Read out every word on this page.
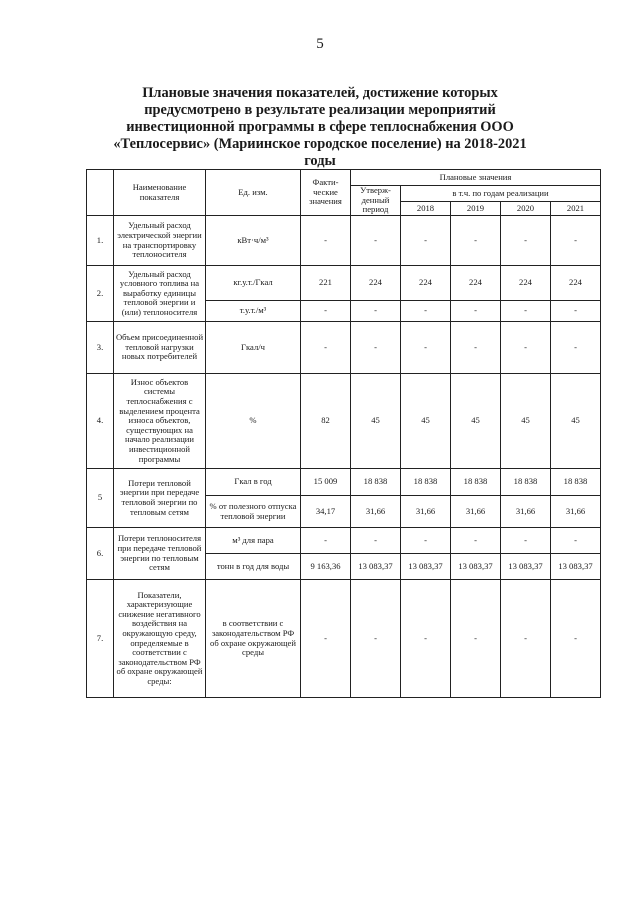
5
Плановые значения показателей, достижение которых предусмотрено в результате реализации мероприятий инвестиционной программы в сфере теплоснабжения ООО «Теплосервис» (Мариинское городское поселение) на 2018-2021 годы
	Наименование показателя	Ед. изм.	Факти-ческие значения	Плановые значения				
				Утверж-денный период	в т.ч. по годам реализации			
					2018	2019	2020	2021
1.	Удельный расход электрической энергии на транспортировку теплоносителя	кВт·ч/м³	-	-	-	-	-	-
2.	Удельный расход условного топлива на выработку единицы тепловой энергии и (или) теплоносителя	кг.у.т./Гкал	221	224	224	224	224	224
		т.у.т./м³	-	-	-	-	-	-
3.	Объем присоединенной тепловой нагрузки новых потребителей	Гкал/ч	-	-	-	-	-	-
4.	Износ объектов системы теплоснабжения с выделением процента износа объектов, существующих на начало реализации инвестиционной программы	%	82	45	45	45	45	45
5	Потери тепловой энергии при передаче тепловой энергии по тепловым сетям	Гкал в год	15 009	18 838	18 838	18 838	18 838	18 838
		% от полезного отпуска тепловой энергии	34,17	31,66	31,66	31,66	31,66	31,66
6.	Потери теплоносителя при передаче тепловой энергии по тепловым сетям	м³ для пара	-	-	-	-	-	-
		тонн в год для воды	9 163,36	13 083,37	13 083,37	13 083,37	13 083,37	13 083,37
7.	Показатели, характеризующие снижение негативного воздействия на окружающую среду, определяемые в соответствии с законодательством РФ об охране окружающей среды:	в соответствии с законодательством РФ об охране окружающей среды	-	-	-	-	-	-
